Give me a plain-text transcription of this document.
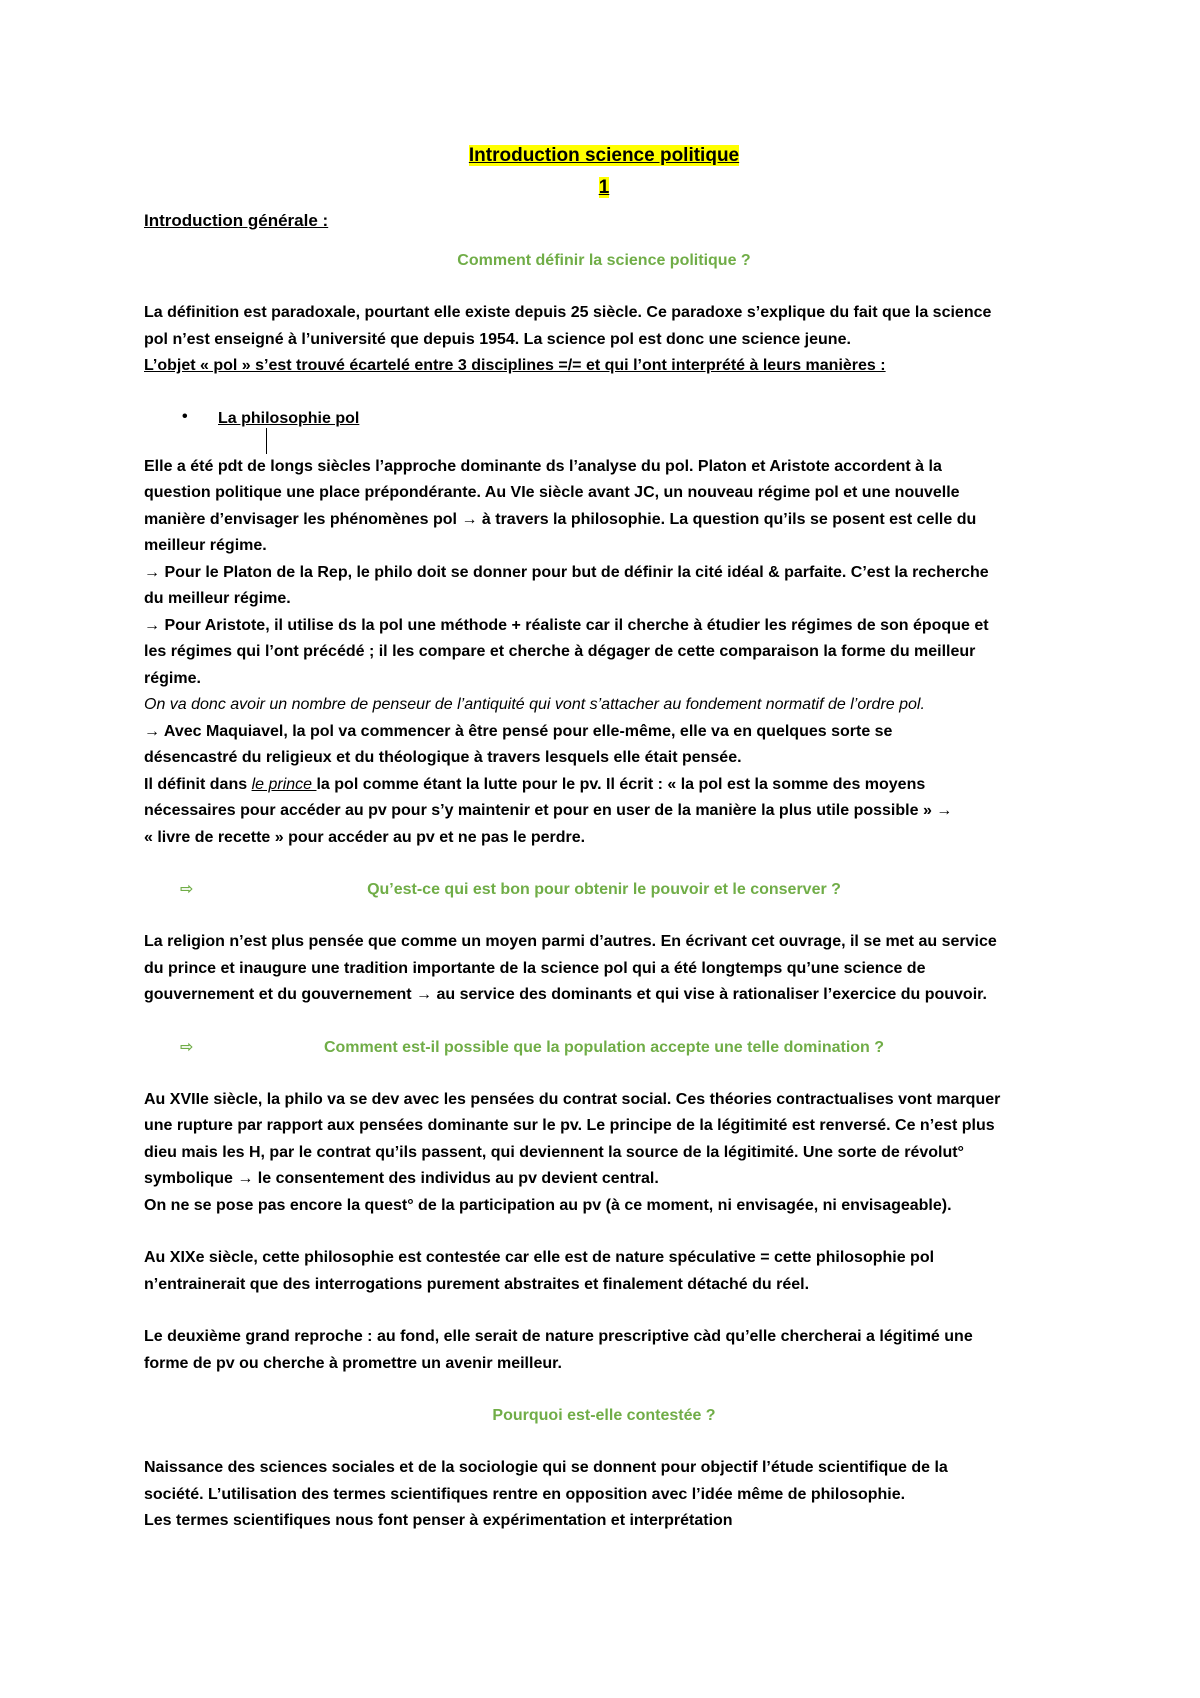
Introduction science politique
1
Introduction générale :
Comment définir la science politique ?

La définition est paradoxale, pourtant elle existe depuis 25 siècle. Ce paradoxe s’explique du fait que la science

pol n’est enseigné à l’université que depuis 1954. La science pol est donc une science jeune.

L’objet « pol » s’est trouvé écartelé entre 3 disciplines =/= et qui l’ont interprété à leurs manières :

• La philosophie pol

Elle a été pdt de longs siècles l’approche dominante ds l’analyse du pol. Platon et Aristote accordent à la

question politique une place prépondérante. Au VIe siècle avant JC, un nouveau régime pol et une nouvelle

manière d’envisager les phénomènes pol → à travers la philosophie. La question qu’ils se posent est celle du

meilleur régime.

→ Pour le Platon de la Rep, le philo doit se donner pour but de définir la cité idéal & parfaite. C’est la recherche

du meilleur régime.

→ Pour Aristote, il utilise ds la pol une méthode + réaliste car il cherche à étudier les régimes de son époque et

les régimes qui l’ont précédé ; il les compare et cherche à dégager de cette comparaison la forme du meilleur

régime.

On va donc avoir un nombre de penseur de l’antiquité qui vont s’attacher au fondement normatif de l’ordre pol.

→ Avec Maquiavel, la pol va commencer à être pensé pour elle-même, elle va en quelques sorte se

désencastré du religieux et du théologique à travers lesquels elle était pensée.

Il définit dans le prince la pol comme étant la lutte pour le pv. Il écrit : « la pol est la somme des moyens

nécessaires pour accéder au pv pour s’y maintenir et pour en user de la manière la plus utile possible » →

« livre de recette » pour accéder au pv et ne pas le perdre.

⇨	Qu’est-ce qui est bon pour obtenir le pouvoir et le conserver ?

La religion n’est plus pensée que comme un moyen parmi d’autres. En écrivant cet ouvrage, il se met au service

du prince et inaugure une tradition importante de la science pol qui a été longtemps qu’une science de

gouvernement et du gouvernement → au service des dominants et qui vise à rationaliser l’exercice du pouvoir.

⇨	Comment est-il possible que la population accepte une telle domination ?

Au XVIIe siècle, la philo va se dev avec les pensées du contrat social. Ces théories contractualises vont marquer

une rupture par rapport aux pensées dominante sur le pv. Le principe de la légitimité est renversé. Ce n’est plus

dieu mais les H, par le contrat qu’ils passent, qui deviennent la source de la légitimité. Une sorte de révolut°

symbolique → le consentement des individus au pv devient central.

On ne se pose pas encore la quest° de la participation au pv (à ce moment, ni envisagée, ni envisageable).

Au XIXe siècle, cette philosophie est contestée car elle est de nature spéculative = cette philosophie pol

n’entrainerait que des interrogations purement abstraites et finalement détaché du réel.

Le deuxième grand reproche : au fond, elle serait de nature prescriptive càd qu’elle chercherai a légitimé une

forme de pv ou cherche à promettre un avenir meilleur.

Pourquoi est-elle contestée ?

Naissance des sciences sociales et de la sociologie qui se donnent pour objectif l’étude scientifique de la

société. L’utilisation des termes scientifiques rentre en opposition avec l’idée même de philosophie.

Les termes scientifiques nous font penser à expérimentation et interprétation
